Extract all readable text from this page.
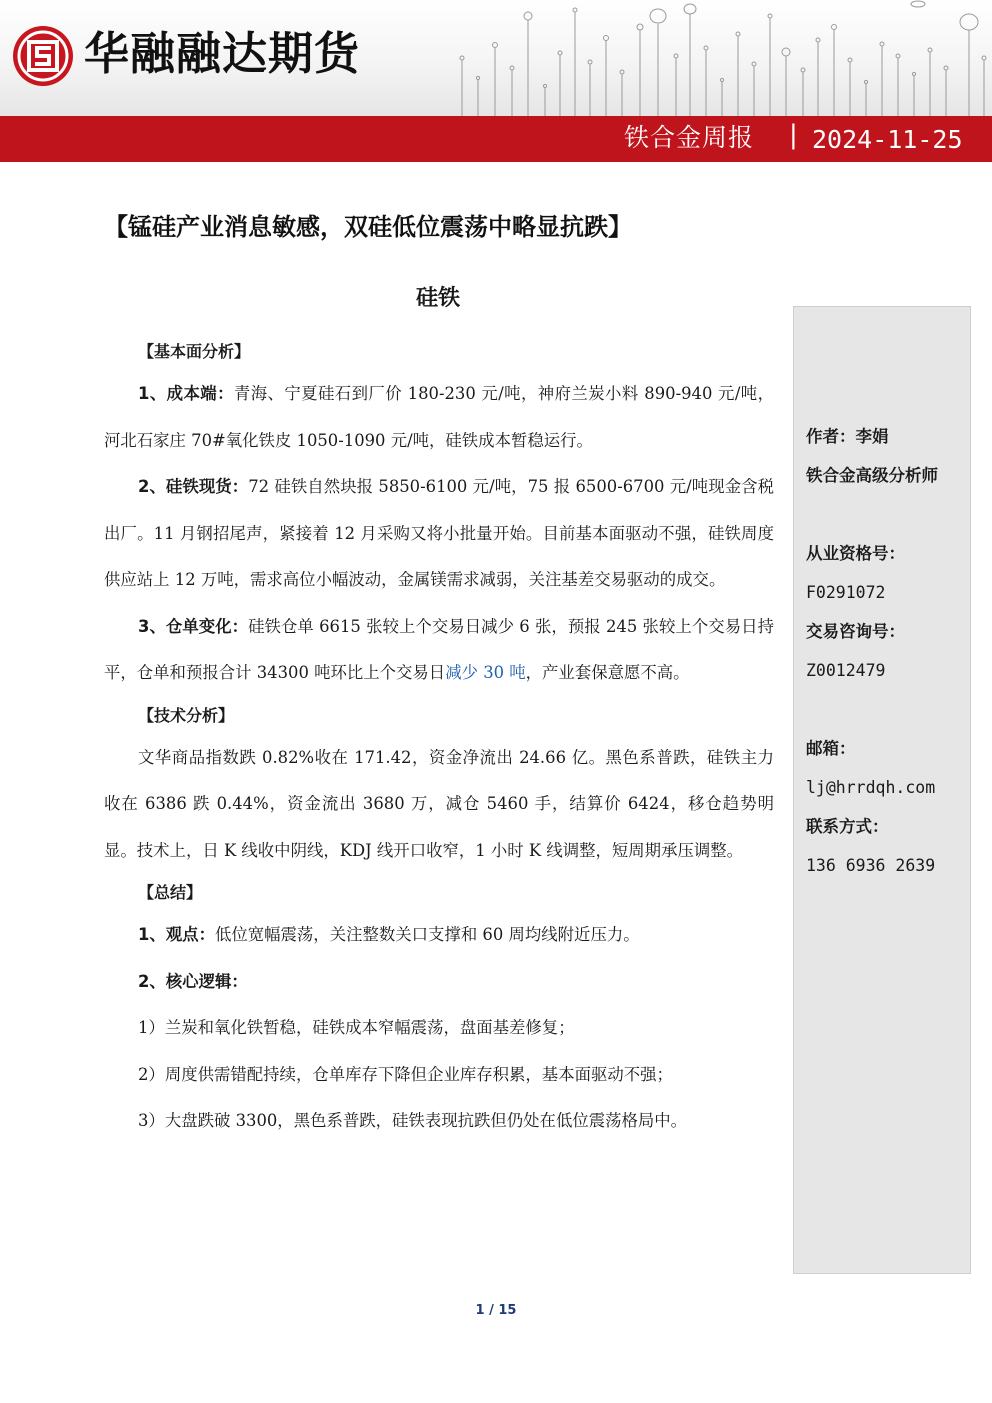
华融融达期货
铁合金周报 | 2024-11-25
【锰硅产业消息敏感，双硅低位震荡中略显抗跌】
硅铁
【基本面分析】

1、成本端：青海、宁夏硅石到厂价 180-230 元/吨，神府兰炭小料 890-940 元/吨，河北石家庄 70#氧化铁皮 1050-1090 元/吨，硅铁成本暂稳运行。

2、硅铁现货：72 硅铁自然块报 5850-6100 元/吨，75 报 6500-6700 元/吨现金含税出厂。11 月钢招尾声，紧接着 12 月采购又将小批量开始。目前基本面驱动不强，硅铁周度供应站上 12 万吨，需求高位小幅波动，金属镁需求减弱，关注基差交易驱动的成交。

3、仓单变化：硅铁仓单 6615 张较上个交易日减少 6 张，预报 245 张较上个交易日持平，仓单和预报合计 34300 吨环比上个交易日减少 30 吨，产业套保意愿不高。

【技术分析】

文华商品指数跌 0.82%收在 171.42，资金净流出 24.66 亿。黑色系普跌，硅铁主力收在 6386 跌 0.44%，资金流出 3680 万，减仓 5460 手，结算价 6424，移仓趋势明显。技术上，日 K 线收中阴线，KDJ 线开口收窄，1 小时 K 线调整，短周期承压调整。

【总结】

1、观点：低位宽幅震荡，关注整数关口支撑和 60 周均线附近压力。

2、核心逻辑：

1）兰炭和氧化铁暂稳，硅铁成本窄幅震荡，盘面基差修复；

2）周度供需错配持续，仓单库存下降但企业库存积累，基本面驱动不强；

3）大盘跌破 3300，黑色系普跌，硅铁表现抗跌但仍处在低位震荡格局中。

作者：李娟
铁合金高级分析师
从业资格号：
F0291072
交易咨询号：
Z0012479
邮箱：
lj@hrrdqh.com
联系方式：
136 6936 2639
1 / 15
